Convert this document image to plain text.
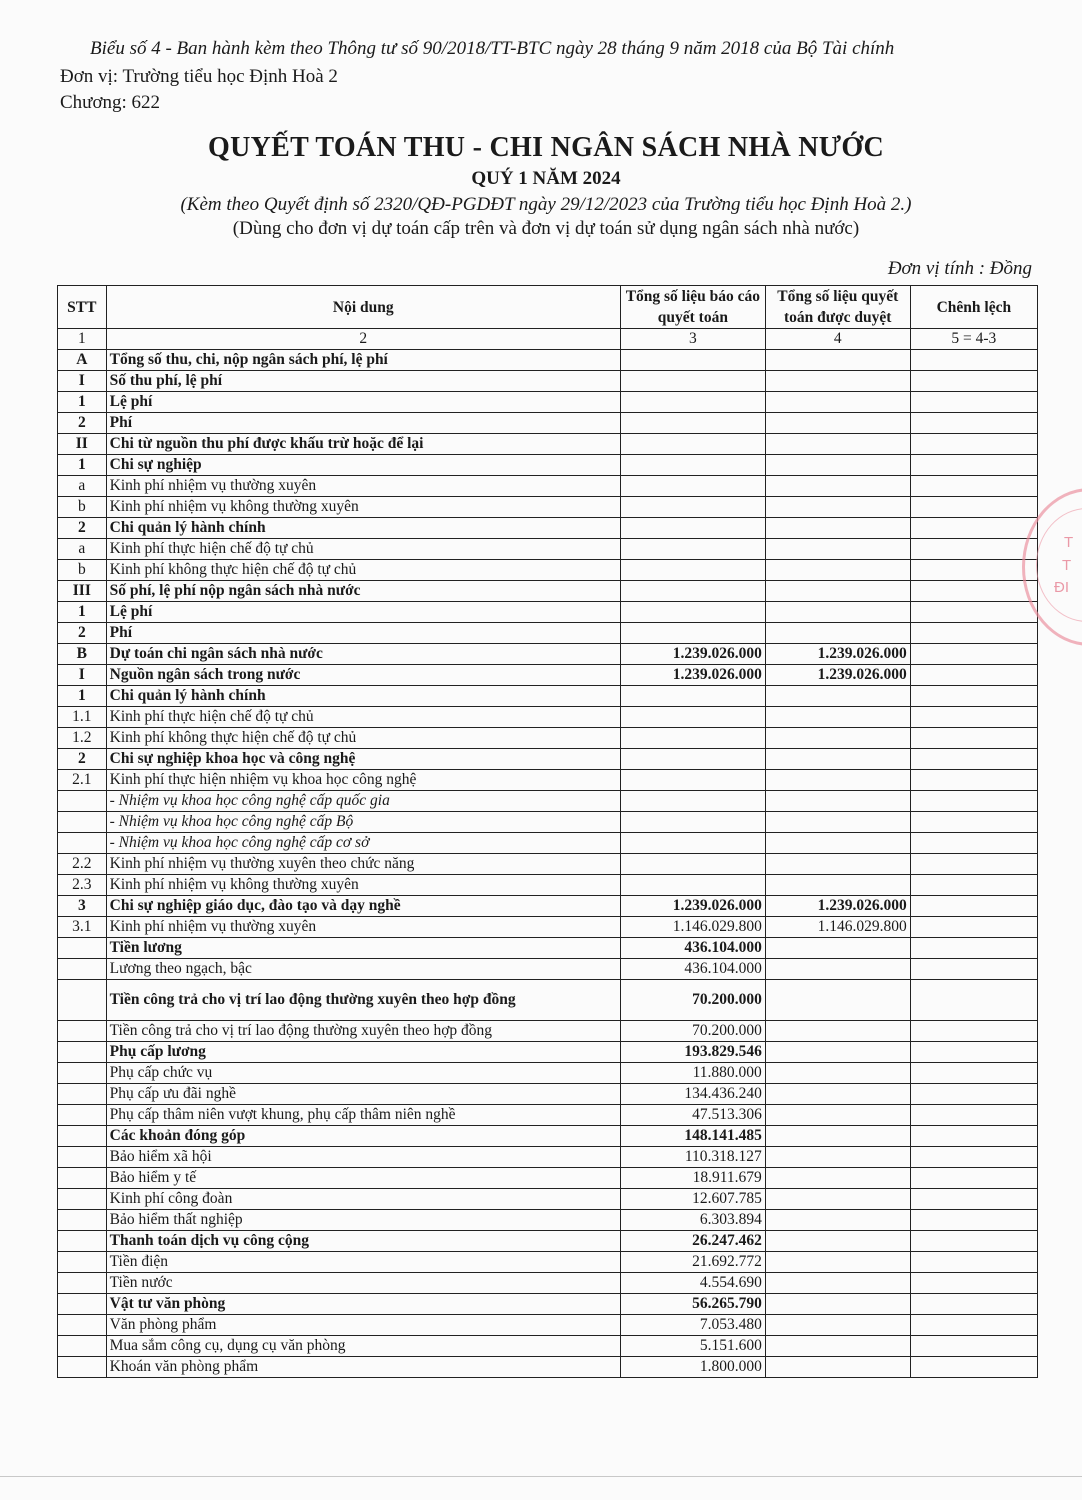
Biểu số 4 - Ban hành kèm theo Thông tư số 90/2018/TT-BTC ngày 28 tháng 9 năm 2018 của Bộ Tài chính
Đơn vị: Trường tiểu học Định Hoà 2
Chương: 622
QUYẾT TOÁN THU - CHI NGÂN SÁCH NHÀ NƯỚC
QUÝ 1 NĂM 2024
(Kèm theo Quyết định số 2320/QĐ-PGDĐT ngày 29/12/2023 của Trường tiểu học Định Hoà 2.)
(Dùng cho đơn vị dự toán cấp trên và đơn vị dự toán sử dụng ngân sách nhà nước)
Đơn vị tính : Đồng
STT	Nội dung	Tổng số liệu báo cáo quyết toán	Tổng số liệu quyết toán được duyệt	Chênh lệch
1	2	3	4	5 = 4-3
A	Tổng số thu, chi, nộp ngân sách phí, lệ phí			
I	Số thu phí, lệ phí			
1	Lệ phí			
2	Phí			
II	Chi từ nguồn thu phí được khấu trừ hoặc để lại			
1	Chi sự nghiệp			
a	Kinh phí nhiệm vụ thường xuyên			
b	Kinh phí nhiệm vụ không thường xuyên			
2	Chi quản lý hành chính			
a	Kinh phí thực hiện chế độ tự chủ			
b	Kinh phí không thực hiện chế độ tự chủ			
III	Số phí, lệ phí nộp ngân sách nhà nước			
1	Lệ phí			
2	Phí			
B	Dự toán chi ngân sách nhà nước	1.239.026.000	1.239.026.000	
I	Nguồn ngân sách trong nước	1.239.026.000	1.239.026.000	
1	Chi quản lý hành chính			
1.1	Kinh phí thực hiện chế độ tự chủ			
1.2	Kinh phí không thực hiện chế độ tự chủ			
2	Chi sự nghiệp khoa học và công nghệ			
2.1	Kinh phí thực hiện nhiệm vụ khoa học công nghệ			
	- Nhiệm vụ khoa học công nghệ cấp quốc gia			
	- Nhiệm vụ khoa học công nghệ cấp Bộ			
	- Nhiệm vụ khoa học công nghệ cấp cơ sở			
2.2	Kinh phí nhiệm vụ thường xuyên theo chức năng			
2.3	Kinh phí nhiệm vụ không thường xuyên			
3	Chi sự nghiệp giáo dục, đào tạo và dạy nghề	1.239.026.000	1.239.026.000	
3.1	Kinh phí nhiệm vụ thường xuyên	1.146.029.800	1.146.029.800	
	Tiền lương	436.104.000		
	Lương theo ngạch, bậc	436.104.000		
	Tiền công trả cho vị trí lao động thường xuyên theo hợp đồng	70.200.000		
	Tiền công trả cho vị trí lao động thường xuyên theo hợp đồng	70.200.000		
	Phụ cấp lương	193.829.546		
	Phụ cấp chức vụ	11.880.000		
	Phụ cấp ưu đãi nghề	134.436.240		
	Phụ cấp thâm niên vượt khung, phụ cấp thâm niên nghề	47.513.306		
	Các khoản đóng góp	148.141.485		
	Bảo hiểm xã hội	110.318.127		
	Bảo hiểm y tế	18.911.679		
	Kinh phí công đoàn	12.607.785		
	Bảo hiểm thất nghiệp	6.303.894		
	Thanh toán dịch vụ công cộng	26.247.462		
	Tiền điện	21.692.772		
	Tiền nước	4.554.690		
	Vật tư văn phòng	56.265.790		
	Văn phòng phẩm	7.053.480		
	Mua sắm công cụ, dụng cụ văn phòng	5.151.600		
	Khoán văn phòng phẩm	1.800.000		
T
T
ĐI
